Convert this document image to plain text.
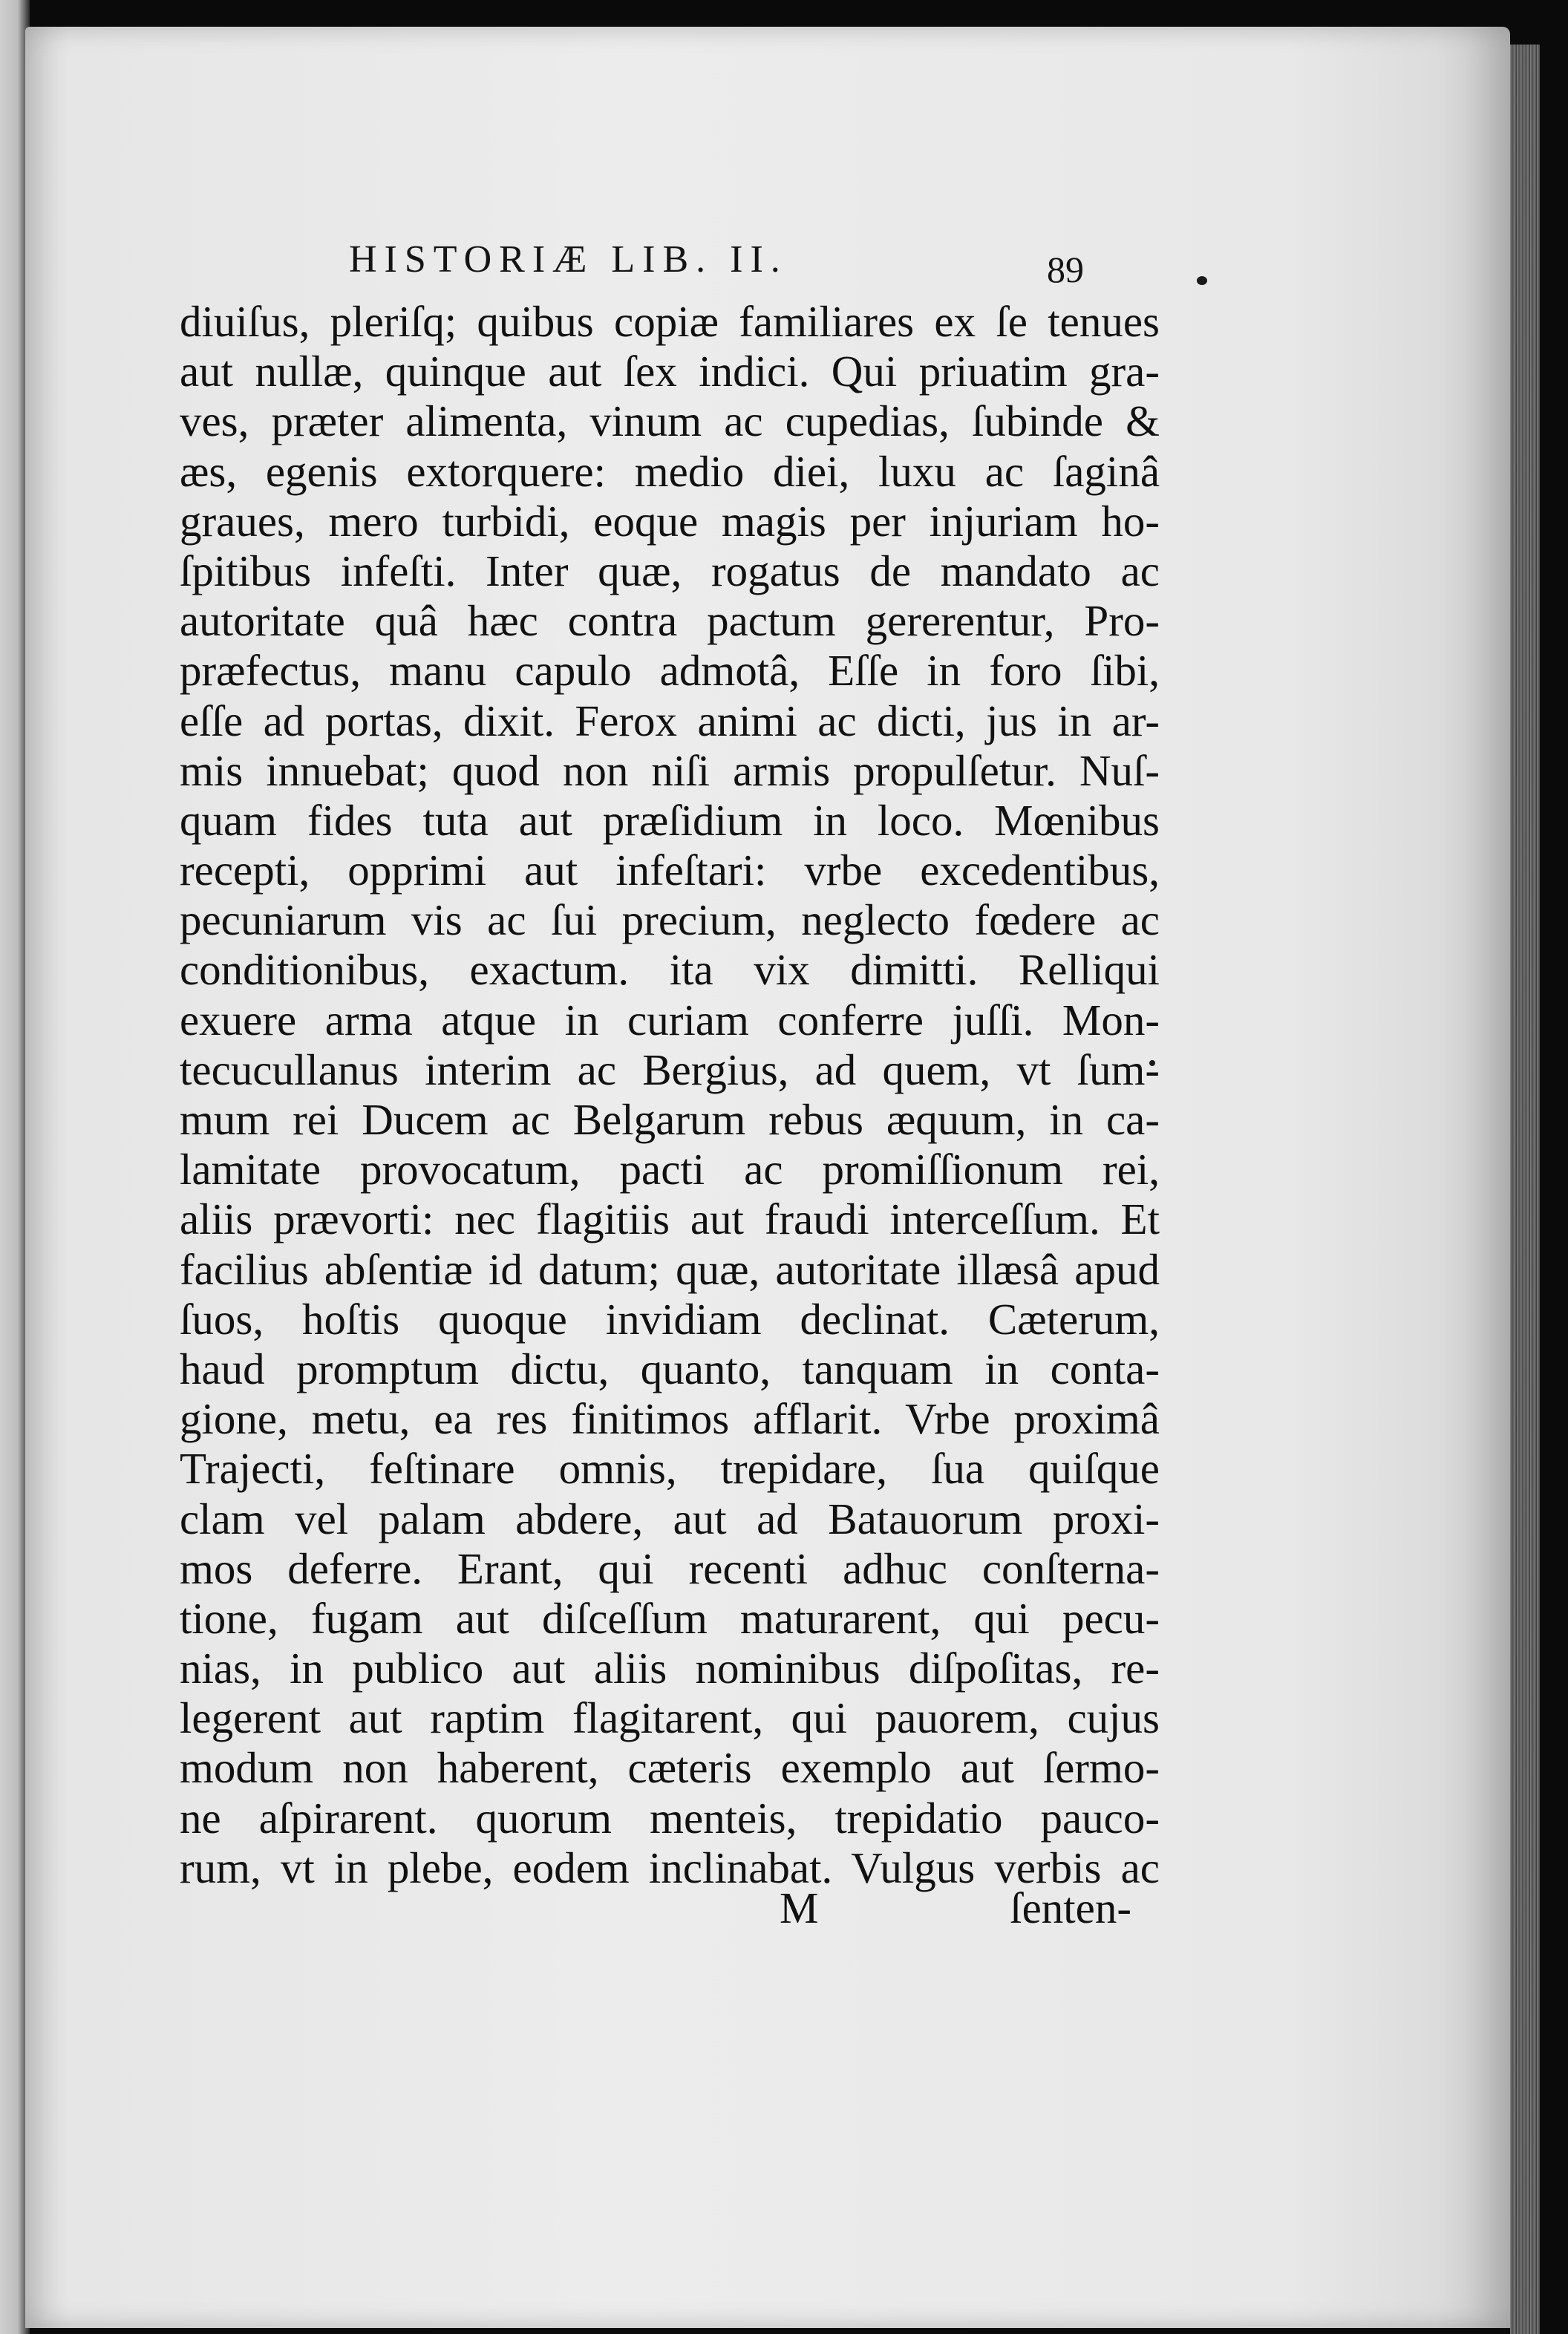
HISTORIÆ LIB. II.	89
diuiſus, pleriſq; quibus copiæ familiares ex ſe tenues
aut nullæ, quinque aut ſex indici. Qui priuatim gra-
ves, præter alimenta, vinum ac cupedias, ſubinde &
æs, egenis extorquere: medio diei, luxu ac ſaginâ
graues, mero turbidi, eoque magis per injuriam ho-
ſpitibus infeſti. Inter quæ, rogatus de mandato ac
autoritate quâ hæc contra pactum gererentur, Pro-
præfectus, manu capulo admotâ, Eſſe in foro ſibi,
eſſe ad portas, dixit. Ferox animi ac dicti, jus in ar-
mis innuebat; quod non niſi armis propulſetur. Nuſ-
quam fides tuta aut præſidium in loco. Mœnibus
recepti, opprimi aut infeſtari: vrbe excedentibus,
pecuniarum vis ac ſui precium, neglecto fœdere ac
conditionibus, exactum. ita vix dimitti. Relliqui
exuere arma atque in curiam conferre juſſi. Mon-
tecucullanus interim ac Bergius, ad quem, vt ſum-
mum rei Ducem ac Belgarum rebus æquum, in ca-
lamitate provocatum, pacti ac promiſſionum rei,
aliis prævorti: nec flagitiis aut fraudi interceſſum. Et
facilius abſentiæ id datum; quæ, autoritate illæsâ apud
ſuos, hoſtis quoque invidiam declinat. Cæterum,
haud promptum dictu, quanto, tanquam in conta-
gione, metu, ea res finitimos afflarit. Vrbe proximâ
Trajecti, feſtinare omnis, trepidare, ſua quiſque
clam vel palam abdere, aut ad Batauorum proxi-
mos deferre. Erant, qui recenti adhuc conſterna-
tione, fugam aut diſceſſum maturarent, qui pecu-
nias, in publico aut aliis nominibus diſpoſitas, re-
legerent aut raptim flagitarent, qui pauorem, cujus
modum non haberent, cæteris exemplo aut ſermo-
ne aſpirarent. quorum menteis, trepidatio pauco-
rum, vt in plebe, eodem inclinabat. Vulgus verbis ac
M	ſenten-
